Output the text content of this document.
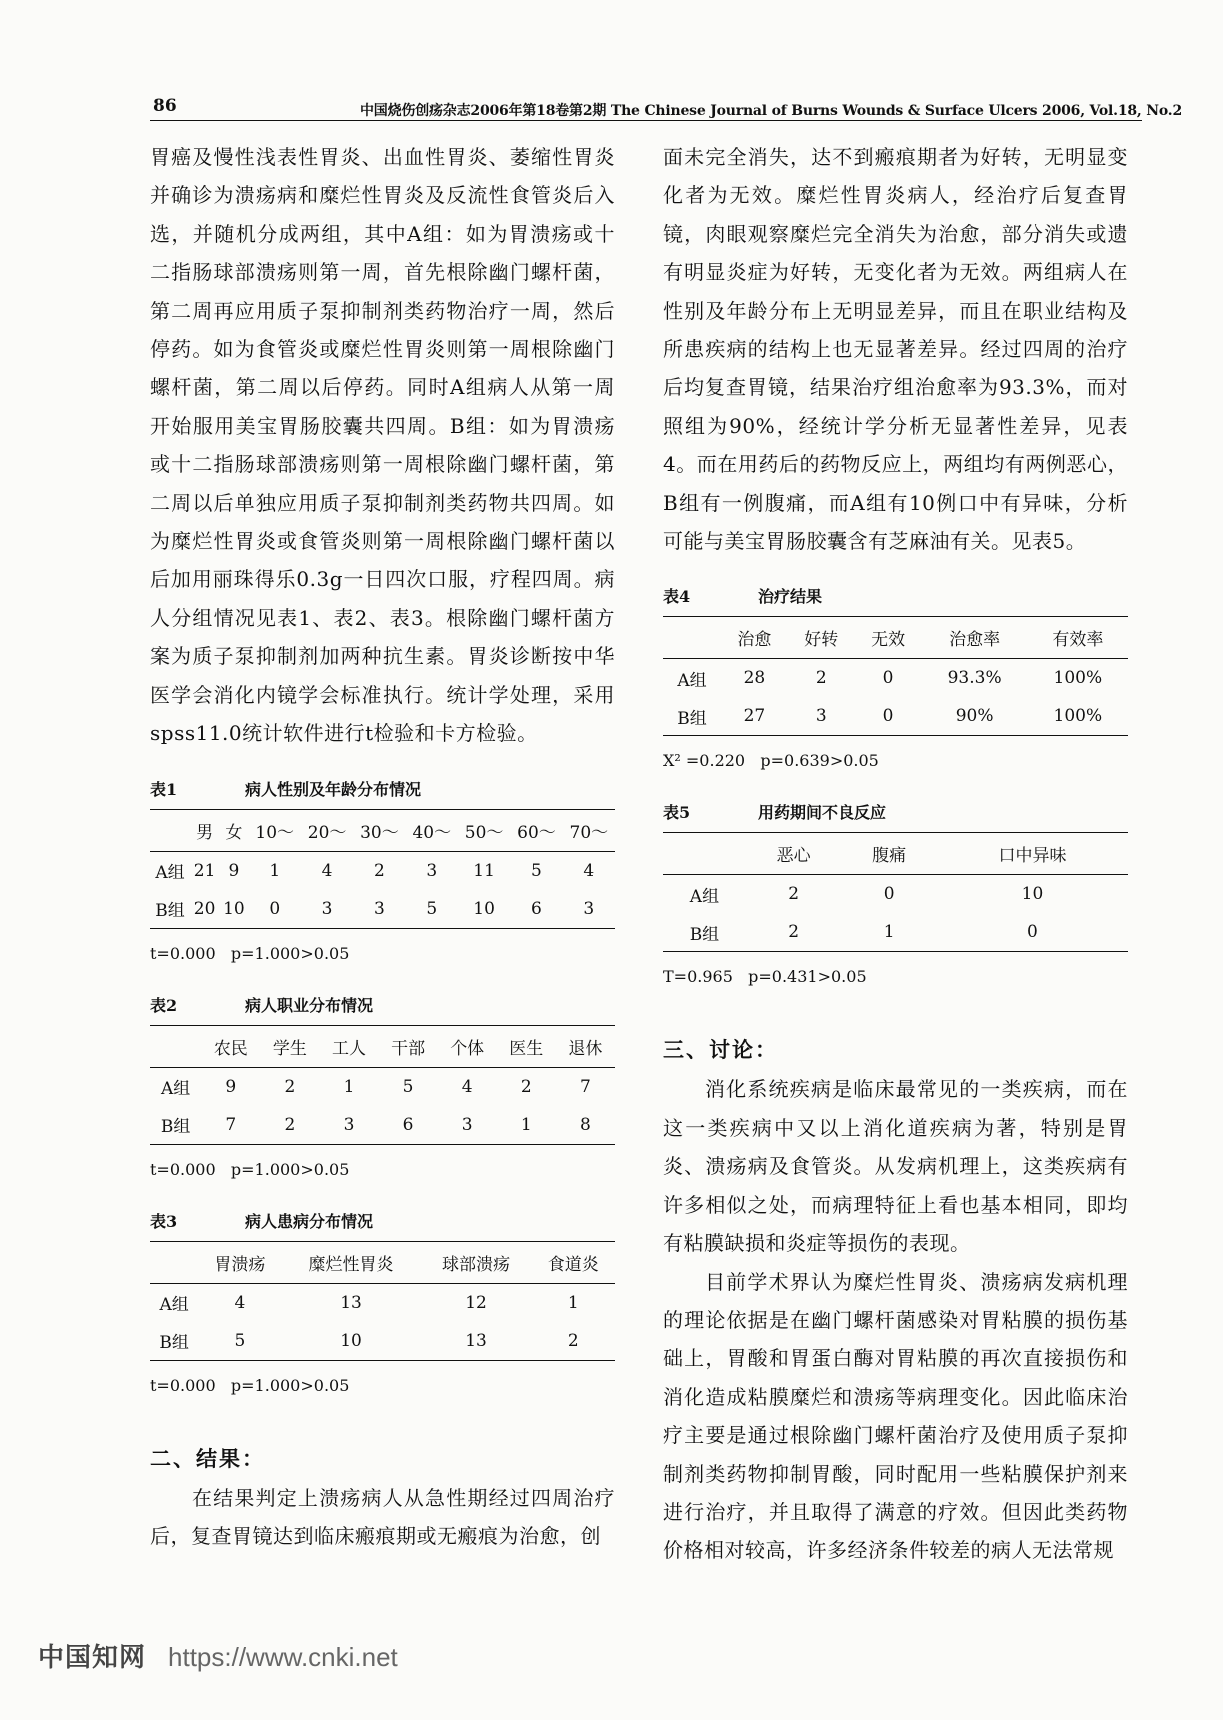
86	中国烧伤创疡杂志2006年第18卷第2期 The Chinese Journal of Burns Wounds & Surface Ulcers 2006, Vol.18, No.2

胃癌及慢性浅表性胃炎、出血性胃炎、萎缩性胃炎并确诊为溃疡病和糜烂性胃炎及反流性食管炎后入选，并随机分成两组，其中A组：如为胃溃疡或十二指肠球部溃疡则第一周，首先根除幽门螺杆菌，第二周再应用质子泵抑制剂类药物治疗一周，然后停药。如为食管炎或糜烂性胃炎则第一周根除幽门螺杆菌，第二周以后停药。同时A组病人从第一周开始服用美宝胃肠胶囊共四周。B组：如为胃溃疡或十二指肠球部溃疡则第一周根除幽门螺杆菌，第二周以后单独应用质子泵抑制剂类药物共四周。如为糜烂性胃炎或食管炎则第一周根除幽门螺杆菌以后加用丽珠得乐0.3g一日四次口服，疗程四周。病人分组情况见表1、表2、表3。根除幽门螺杆菌方案为质子泵抑制剂加两种抗生素。胃炎诊断按中华医学会消化内镜学会标准执行。统计学处理，采用spss11.0统计软件进行t检验和卡方检验。

表1	病人性别及年龄分布情况
	男	女	10～	20～	30～	40～	50～	60～	70～
A组	21	9	1	4	2	3	11	5	4
B组	20	10	0	3	3	5	10	6	3
t=0.000   p=1.000>0.05
表2	病人职业分布情况
	农民	学生	工人	干部	个体	医生	退休
A组	9	2	1	5	4	2	7
B组	7	2	3	6	3	1	8
t=0.000   p=1.000>0.05
表3	病人患病分布情况
	胃溃疡	糜烂性胃炎	球部溃疡	食道炎
A组	4	13	12	1
B组	5	10	13	2
t=0.000   p=1.000>0.05
二、结果：

在结果判定上溃疡病人从急性期经过四周治疗后，复查胃镜达到临床瘢痕期或无瘢痕为治愈，创

面未完全消失，达不到瘢痕期者为好转，无明显变化者为无效。糜烂性胃炎病人，经治疗后复查胃镜，肉眼观察糜烂完全消失为治愈，部分消失或遗有明显炎症为好转，无变化者为无效。两组病人在性别及年龄分布上无明显差异，而且在职业结构及所患疾病的结构上也无显著差异。经过四周的治疗后均复查胃镜，结果治疗组治愈率为93.3%，而对照组为90%，经统计学分析无显著性差异，见表4。而在用药后的药物反应上，两组均有两例恶心，B组有一例腹痛，而A组有10例口中有异味，分析可能与美宝胃肠胶囊含有芝麻油有关。见表5。

表4	治疗结果
	治愈	好转	无效	治愈率	有效率
A组	28	2	0	93.3%	100%
B组	27	3	0	90%	100%
X² =0.220   p=0.639>0.05
表5	用药期间不良反应
	恶心	腹痛	口中异味
A组	2	0	10
B组	2	1	0
T=0.965   p=0.431>0.05
三、讨论：

消化系统疾病是临床最常见的一类疾病，而在这一类疾病中又以上消化道疾病为著，特别是胃炎、溃疡病及食管炎。从发病机理上，这类疾病有许多相似之处，而病理特征上看也基本相同，即均有粘膜缺损和炎症等损伤的表现。

目前学术界认为糜烂性胃炎、溃疡病发病机理的理论依据是在幽门螺杆菌感染对胃粘膜的损伤基础上，胃酸和胃蛋白酶对胃粘膜的再次直接损伤和消化造成粘膜糜烂和溃疡等病理变化。因此临床治疗主要是通过根除幽门螺杆菌治疗及使用质子泵抑制剂类药物抑制胃酸，同时配用一些粘膜保护剂来进行治疗，并且取得了满意的疗效。但因此类药物价格相对较高，许多经济条件较差的病人无法常规

中国知网 https://www.cnki.net
